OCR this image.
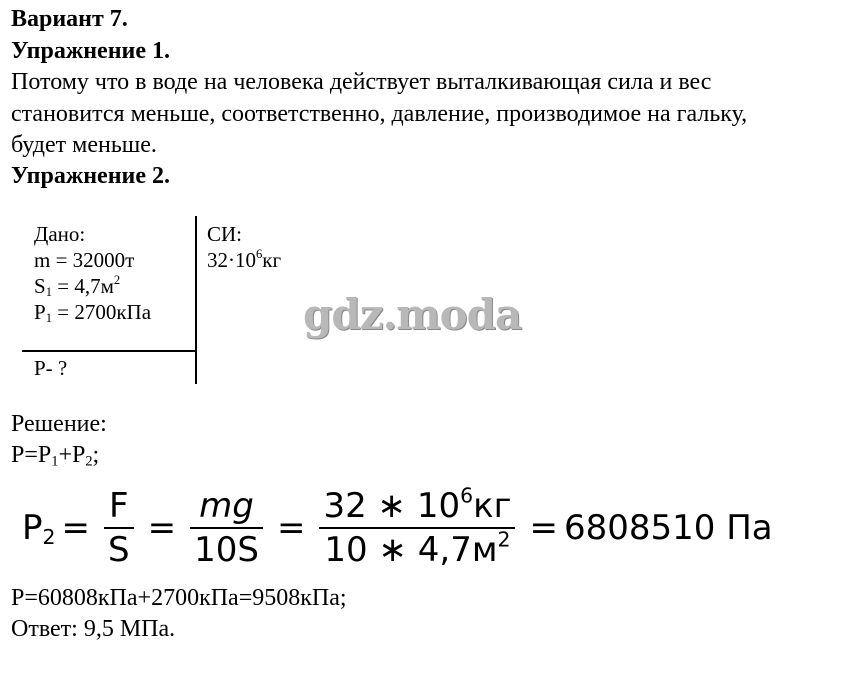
Вариант 7.
Упражнение 1.
Потому что в воде на человека действует выталкивающая сила и вес
становится меньше, соответственно, давление, производимое на гальку,
будет меньше.
Упражнение 2.
Дано:
m = 32000т
$S_1 = 4,7м^2$
$P_1 = 2700кПа$
P- ?
СИ:
$32\cdot 10^6кг$
gdz.moda
Решение:
$P=P_1+P_2$;
$P_2 = \frac{F}{S} = \frac{mg}{10S} = \frac{32 ∗ 10^6кг}{10 ∗ 4,7м^2} = 6808510$ Па
P=60808кПа+2700кПа=9508кПа;
Ответ: 9,5 МПа.
